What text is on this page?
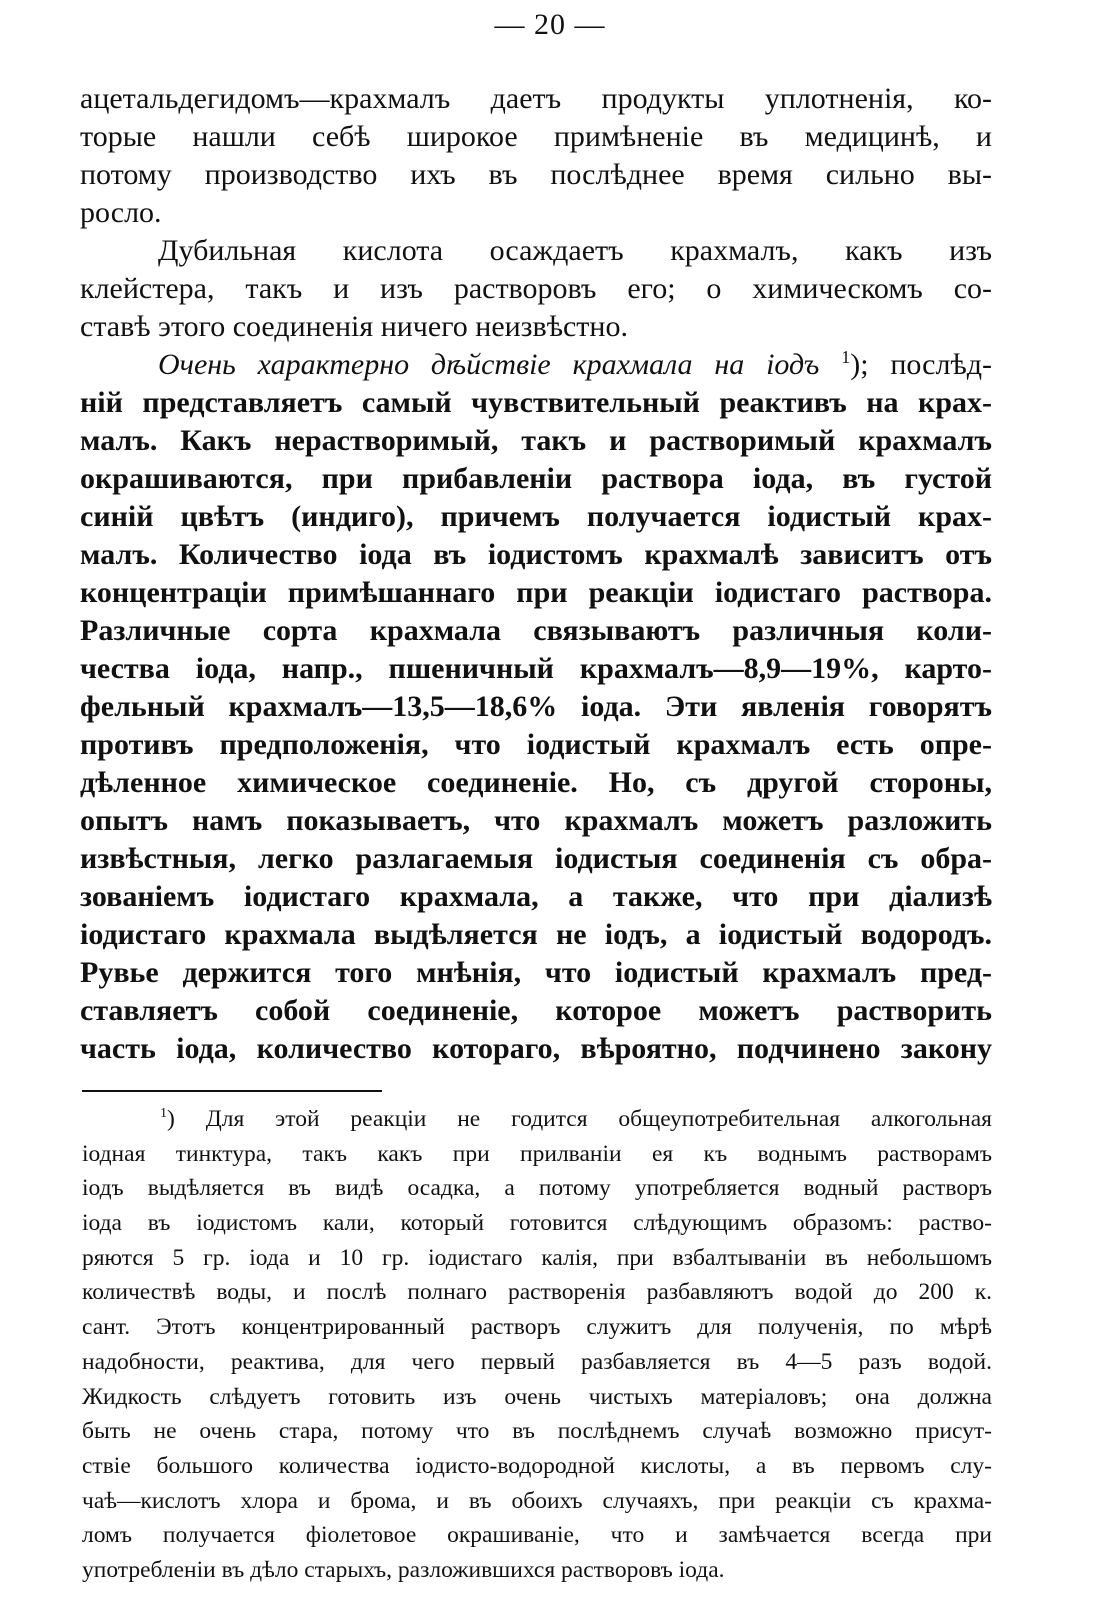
— 20 —
ацетальдегидомъ—крахмалъ даетъ продукты уплотненія, ко-
торые нашли себѣ широкое примѣненіе въ медицинѣ, и
потому производство ихъ въ послѣднее время сильно вы-
росло.
Дубильная кислота осаждаетъ крахмалъ, какъ изъ
клейстера, такъ и изъ растворовъ его; о химическомъ со-
ставѣ этого соединенія ничего неизвѣстно.
Очень характерно дѣйствіе крахмала на іодъ $^1$); послѣд-
ній представляетъ самый чувствительный реактивъ на крах-
малъ. Какъ нерастворимый, такъ и растворимый крахмалъ
окрашиваются, при прибавленіи раствора іода, въ густой
синій цвѣтъ (индиго), причемъ получается іодистый крах-
малъ. Количество іода въ іодистомъ крахмалѣ зависитъ отъ
концентраціи примѣшаннаго при реакціи іодистаго раствора.
Различные сорта крахмала связываютъ различныя коли-
чества іода, напр., пшеничный крахмалъ—8,9—19%, карто-
фельный крахмалъ—13,5—18,6% іода. Эти явленія говорятъ
противъ предположенія, что іодистый крахмалъ есть опре-
дѣленное химическое соединеніе. Но, съ другой стороны,
опытъ намъ показываетъ, что крахмалъ можетъ разложить
извѣстныя, легко разлагаемыя іодистыя соединенія съ обра-
зованіемъ іодистаго крахмала, а также, что при діализѣ
іодистаго крахмала выдѣляется не іодъ, а іодистый водородъ.
Рувье держится того мнѣнія, что іодистый крахмалъ пред-
ставляетъ собой соединеніе, которое можетъ растворить
часть іода, количество котораго, вѣроятно, подчинено закону
$^1$) Для этой реакціи не годится общеупотребительная алкогольная
іодная тинктура, такъ какъ при прилваніи ея къ воднымъ растворамъ
іодъ выдѣляется въ видѣ осадка, а потому употребляется водный растворъ
іода въ іодистомъ кали, который готовится слѣдующимъ образомъ: раство-
ряются 5 гр. іода и 10 гр. іодистаго калія, при взбалтываніи въ небольшомъ
количествѣ воды, и послѣ полнаго растворенія разбавляютъ водой до 200 к.
сант. Этотъ концентрированный растворъ служитъ для полученія, по мѣрѣ
надобности, реактива, для чего первый разбавляется въ 4—5 разъ водой.
Жидкость слѣдуетъ готовить изъ очень чистыхъ матеріаловъ; она должна
быть не очень стара, потому что въ послѣднемъ случаѣ возможно присут-
ствіе большого количества іодисто-водородной кислоты, а въ первомъ слу-
чаѣ—кислотъ хлора и брома, и въ обоихъ случаяхъ, при реакціи съ крахма-
ломъ получается фіолетовое окрашиваніе, что и замѣчается всегда при
употребленіи въ дѣло старыхъ, разложившихся растворовъ іода.
